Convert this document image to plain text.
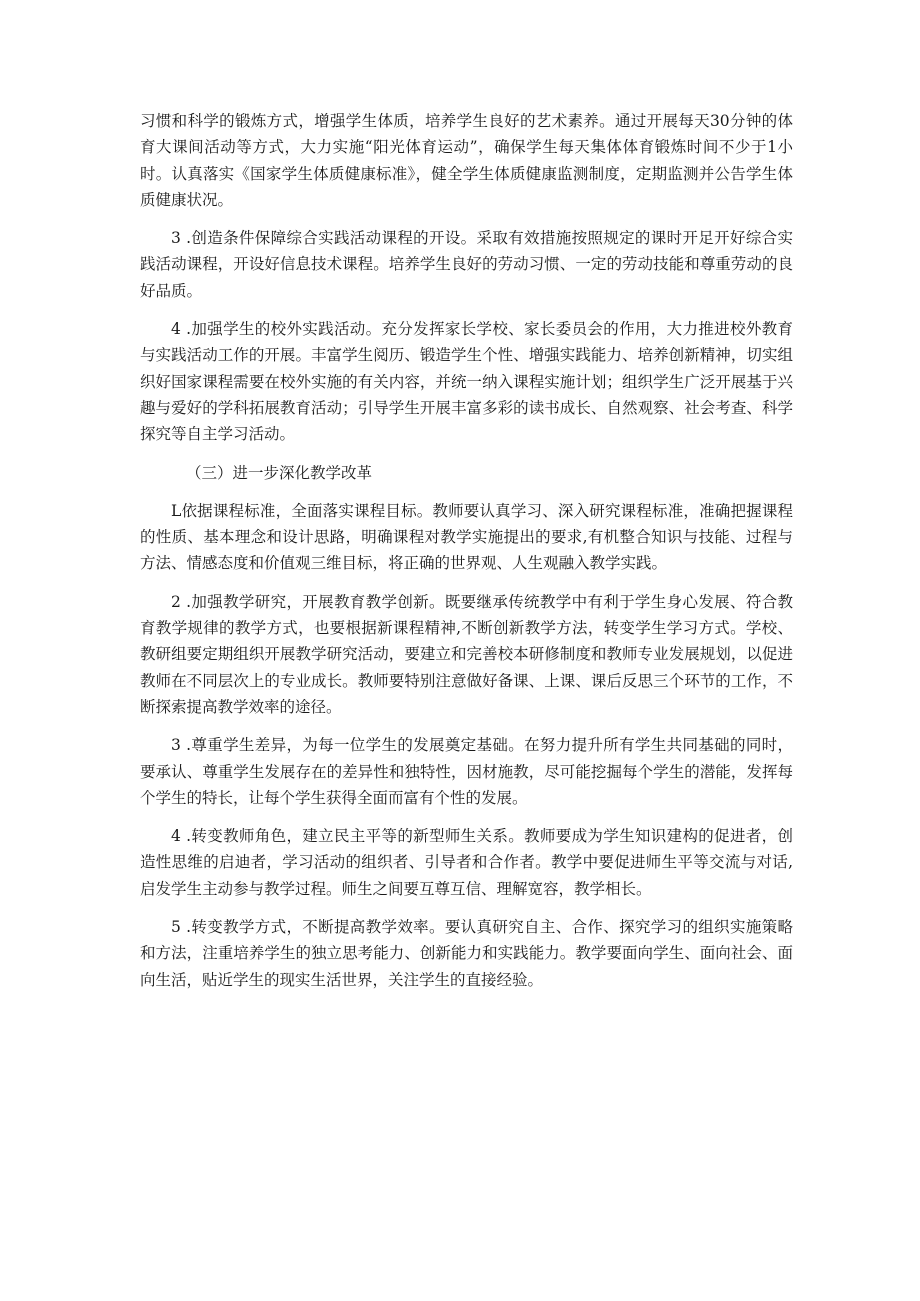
习惯和科学的锻炼方式，增强学生体质，培养学生良好的艺术素养。通过开展每天30分钟的体育大课间活动等方式，大力实施“阳光体育运动”，确保学生每天集体体育锻炼时间不少于1小时。认真落实《国家学生体质健康标准》，健全学生体质健康监测制度，定期监测并公告学生体质健康状况。

3 .创造条件保障综合实践活动课程的开设。采取有效措施按照规定的课时开足开好综合实践活动课程，开设好信息技术课程。培养学生良好的劳动习惯、一定的劳动技能和尊重劳动的良好品质。

4 .加强学生的校外实践活动。充分发挥家长学校、家长委员会的作用，大力推进校外教育与实践活动工作的开展。丰富学生阅历、锻造学生个性、增强实践能力、培养创新精神，切实组织好国家课程需要在校外实施的有关内容，并统一纳入课程实施计划；组织学生广泛开展基于兴趣与爱好的学科拓展教育活动；引导学生开展丰富多彩的读书成长、自然观察、社会考查、科学探究等自主学习活动。

（三）进一步深化教学改革

L依据课程标准，全面落实课程目标。教师要认真学习、深入研究课程标准，准确把握课程的性质、基本理念和设计思路，明确课程对教学实施提出的要求,有机整合知识与技能、过程与方法、情感态度和价值观三维目标，将正确的世界观、人生观融入教学实践。

2 .加强教学研究，开展教育教学创新。既要继承传统教学中有利于学生身心发展、符合教育教学规律的教学方式，也要根据新课程精神,不断创新教学方法，转变学生学习方式。学校、教研组要定期组织开展教学研究活动，要建立和完善校本研修制度和教师专业发展规划，以促进教师在不同层次上的专业成长。教师要特别注意做好备课、上课、课后反思三个环节的工作，不断探索提高教学效率的途径。

3 .尊重学生差异，为每一位学生的发展奠定基础。在努力提升所有学生共同基础的同时，要承认、尊重学生发展存在的差异性和独特性，因材施教，尽可能挖掘每个学生的潜能，发挥每个学生的特长，让每个学生获得全面而富有个性的发展。

4 .转变教师角色，建立民主平等的新型师生关系。教师要成为学生知识建构的促进者，创造性思维的启迪者，学习活动的组织者、引导者和合作者。教学中要促进师生平等交流与对话,启发学生主动参与教学过程。师生之间要互尊互信、理解宽容，教学相长。

5 .转变教学方式，不断提高教学效率。要认真研究自主、合作、探究学习的组织实施策略和方法，注重培养学生的独立思考能力、创新能力和实践能力。教学要面向学生、面向社会、面向生活，贴近学生的现实生活世界，关注学生的直接经验。
